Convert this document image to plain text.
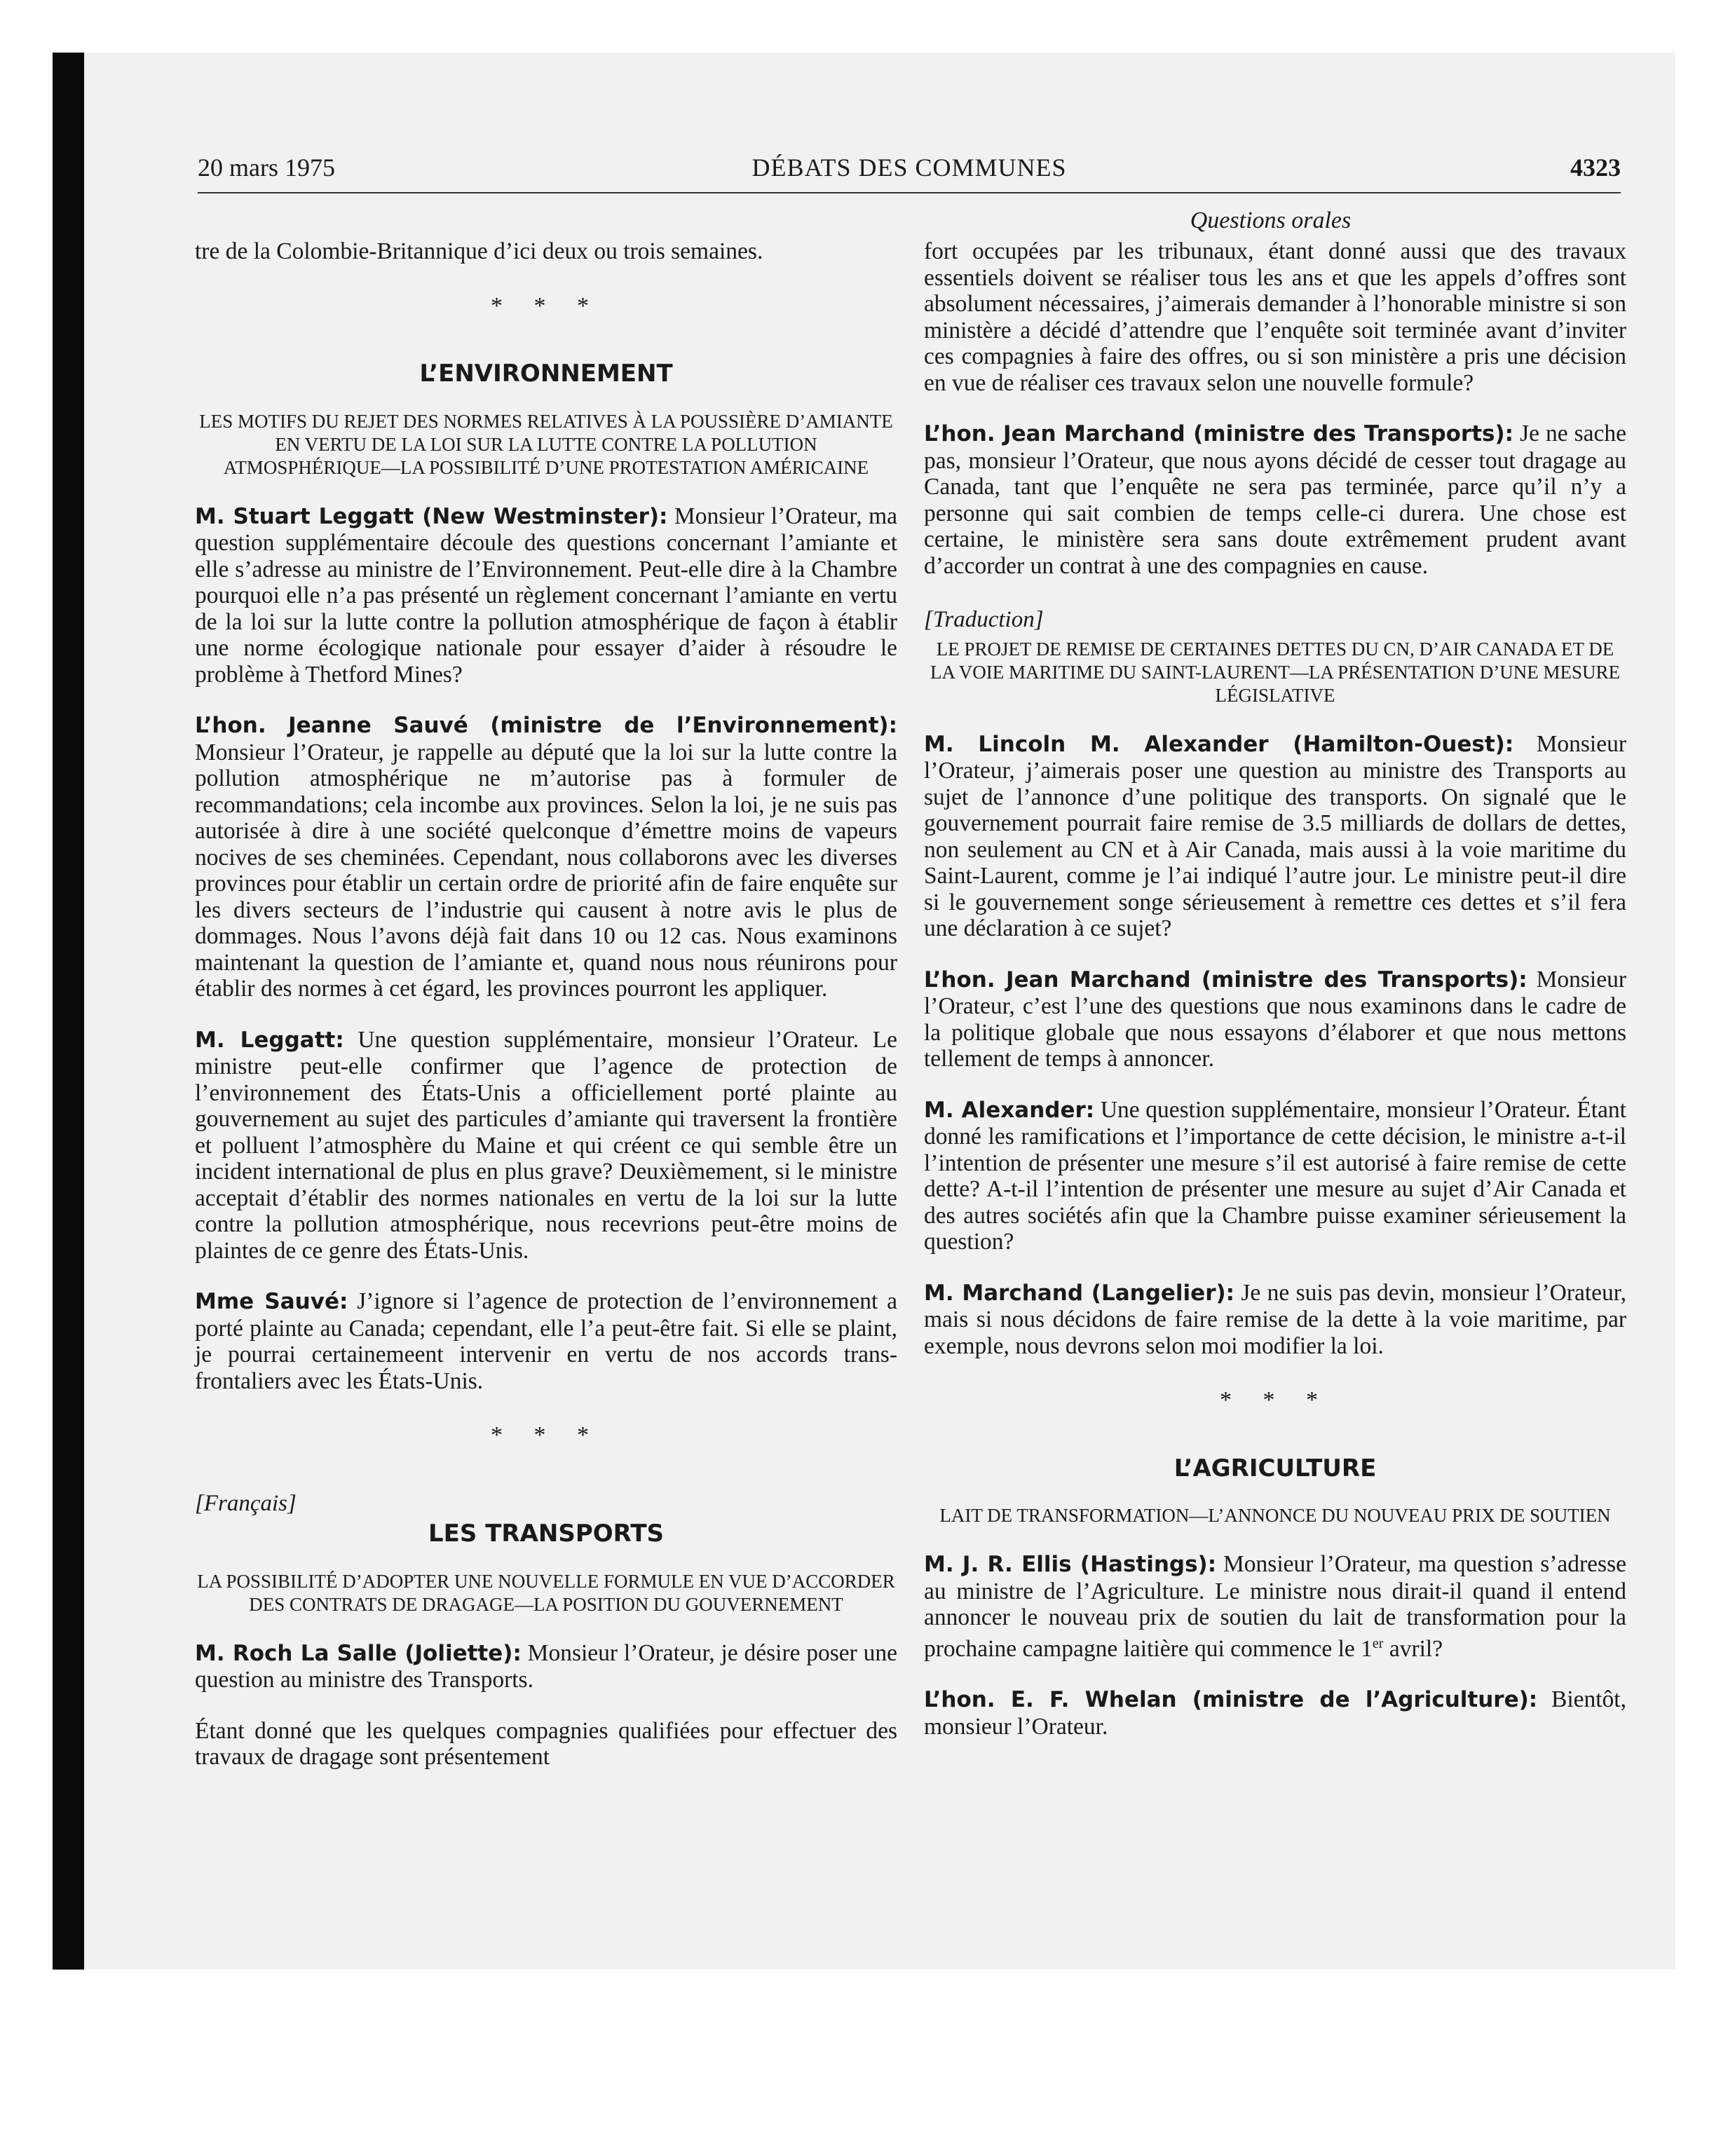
20 mars 1975	DÉBATS DES COMMUNES	4323
Questions orales

tre de la Colombie-Britannique d’ici deux ou trois semaines.

* * *
L’ENVIRONNEMENT
LES MOTIFS DU REJET DES NORMES RELATIVES À LA POUSSIÈRE D’AMIANTE EN VERTU DE LA LOI SUR LA LUTTE CONTRE LA POLLUTION ATMOSPHÉRIQUE—LA POSSIBILITÉ D’UNE PROTESTATION AMÉRICAINE

M. Stuart Leggatt (New Westminster): Monsieur l’Orateur, ma question supplémentaire découle des questions concernant l’amiante et elle s’adresse au ministre de l’Environnement. Peut-elle dire à la Chambre pourquoi elle n’a pas présenté un règlement concernant l’amiante en vertu de la loi sur la lutte contre la pollution atmosphérique de façon à établir une norme écologique nationale pour essayer d’aider à résoudre le problème à Thetford Mines?

L’hon. Jeanne Sauvé (ministre de l’Environnement): Monsieur l’Orateur, je rappelle au député que la loi sur la lutte contre la pollution atmosphérique ne m’autorise pas à formuler de recommandations; cela incombe aux provinces. Selon la loi, je ne suis pas autorisée à dire à une société quelconque d’émettre moins de vapeurs nocives de ses cheminées. Cependant, nous collaborons avec les diverses provinces pour établir un certain ordre de priorité afin de faire enquête sur les divers secteurs de l’industrie qui causent à notre avis le plus de dommages. Nous l’avons déjà fait dans 10 ou 12 cas. Nous examinons maintenant la question de l’amiante et, quand nous nous réunirons pour établir des normes à cet égard, les provinces pourront les appliquer.

M. Leggatt: Une question supplémentaire, monsieur l’Orateur. Le ministre peut-elle confirmer que l’agence de protection de l’environnement des États-Unis a officiellement porté plainte au gouvernement au sujet des particules d’amiante qui traversent la frontière et polluent l’atmosphère du Maine et qui créent ce qui semble être un incident international de plus en plus grave? Deuxièmement, si le ministre acceptait d’établir des normes nationales en vertu de la loi sur la lutte contre la pollution atmosphérique, nous recevrions peut-être moins de plaintes de ce genre des États-Unis.

Mme Sauvé: J’ignore si l’agence de protection de l’environnement a porté plainte au Canada; cependant, elle l’a peut-être fait. Si elle se plaint, je pourrai certainemeent intervenir en vertu de nos accords trans-frontaliers avec les États-Unis.

* * *
[Français]
LES TRANSPORTS
LA POSSIBILITÉ D’ADOPTER UNE NOUVELLE FORMULE EN VUE D’ACCORDER DES CONTRATS DE DRAGAGE—LA POSITION DU GOUVERNEMENT

M. Roch La Salle (Joliette): Monsieur l’Orateur, je désire poser une question au ministre des Transports.

Étant donné que les quelques compagnies qualifiées pour effectuer des travaux de dragage sont présentement

fort occupées par les tribunaux, étant donné aussi que des travaux essentiels doivent se réaliser tous les ans et que les appels d’offres sont absolument nécessaires, j’aimerais demander à l’honorable ministre si son ministère a décidé d’attendre que l’enquête soit terminée avant d’inviter ces compagnies à faire des offres, ou si son ministère a pris une décision en vue de réaliser ces travaux selon une nouvelle formule?

L’hon. Jean Marchand (ministre des Transports): Je ne sache pas, monsieur l’Orateur, que nous ayons décidé de cesser tout dragage au Canada, tant que l’enquête ne sera pas terminée, parce qu’il n’y a personne qui sait combien de temps celle-ci durera. Une chose est certaine, le ministère sera sans doute extrêmement prudent avant d’accorder un contrat à une des compagnies en cause.

[Traduction]
LE PROJET DE REMISE DE CERTAINES DETTES DU CN, D’AIR CANADA ET DE LA VOIE MARITIME DU SAINT-LAURENT—LA PRÉSENTATION D’UNE MESURE LÉGISLATIVE

M. Lincoln M. Alexander (Hamilton-Ouest): Monsieur l’Orateur, j’aimerais poser une question au ministre des Transports au sujet de l’annonce d’une politique des transports. On signalé que le gouvernement pourrait faire remise de 3.5 milliards de dollars de dettes, non seulement au CN et à Air Canada, mais aussi à la voie maritime du Saint-Laurent, comme je l’ai indiqué l’autre jour. Le ministre peut-il dire si le gouvernement songe sérieusement à remettre ces dettes et s’il fera une déclaration à ce sujet?

L’hon. Jean Marchand (ministre des Transports): Monsieur l’Orateur, c’est l’une des questions que nous examinons dans le cadre de la politique globale que nous essayons d’élaborer et que nous mettons tellement de temps à annoncer.

M. Alexander: Une question supplémentaire, monsieur l’Orateur. Étant donné les ramifications et l’importance de cette décision, le ministre a-t-il l’intention de présenter une mesure s’il est autorisé à faire remise de cette dette? A-t-il l’intention de présenter une mesure au sujet d’Air Canada et des autres sociétés afin que la Chambre puisse examiner sérieusement la question?

M. Marchand (Langelier): Je ne suis pas devin, monsieur l’Orateur, mais si nous décidons de faire remise de la dette à la voie maritime, par exemple, nous devrons selon moi modifier la loi.

* * *
L’AGRICULTURE
LAIT DE TRANSFORMATION—L’ANNONCE DU NOUVEAU PRIX DE SOUTIEN

M. J. R. Ellis (Hastings): Monsieur l’Orateur, ma question s’adresse au ministre de l’Agriculture. Le ministre nous dirait-il quand il entend annoncer le nouveau prix de soutien du lait de transformation pour la prochaine campagne laitière qui commence le 1er avril?

L’hon. E. F. Whelan (ministre de l’Agriculture): Bientôt, monsieur l’Orateur.
